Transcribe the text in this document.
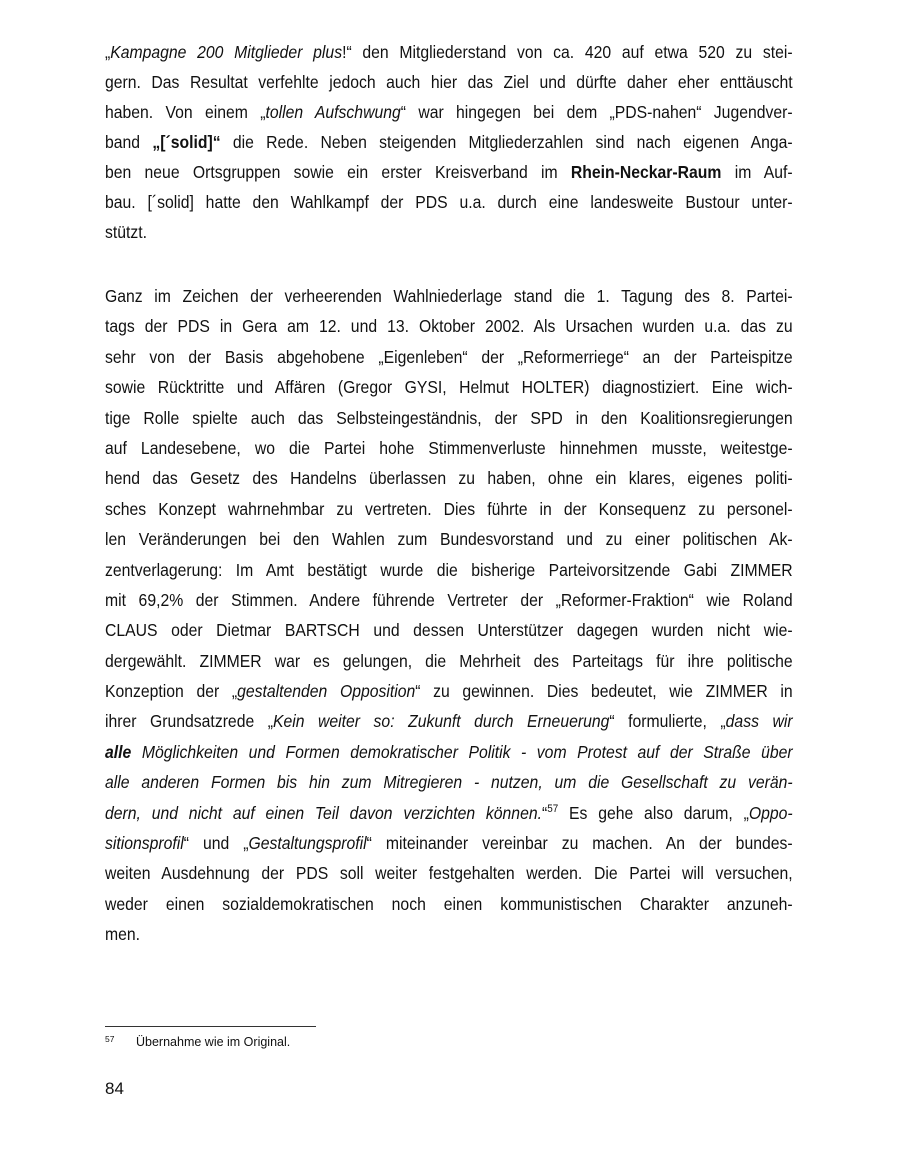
„Kampagne 200 Mitglieder plus!“ den Mitgliederstand von ca. 420 auf etwa 520 zu stei-
gern. Das Resultat verfehlte jedoch auch hier das Ziel und dürfte daher eher enttäuscht
haben. Von einem „tollen Aufschwung“ war hingegen bei dem „PDS-nahen“ Jugendver-
band „[´solid]“ die Rede. Neben steigenden Mitgliederzahlen sind nach eigenen Anga-
ben neue Ortsgruppen sowie ein erster Kreisverband im Rhein-Neckar-Raum im Auf-
bau. [´solid] hatte den Wahlkampf der PDS u.a. durch eine landesweite Bustour unter-
stützt.
Ganz im Zeichen der verheerenden Wahlniederlage stand die 1. Tagung des 8. Partei-
tags der PDS in Gera am 12. und 13. Oktober 2002. Als Ursachen wurden u.a. das zu
sehr von der Basis abgehobene „Eigenleben“ der „Reformerriege“ an der Parteispitze
sowie Rücktritte und Affären (Gregor GYSI, Helmut HOLTER) diagnostiziert. Eine wich-
tige Rolle spielte auch das Selbsteingeständnis, der SPD in den Koalitionsregierungen
auf Landesebene, wo die Partei hohe Stimmenverluste hinnehmen musste, weitestge-
hend das Gesetz des Handelns überlassen zu haben, ohne ein klares, eigenes politi-
sches Konzept wahrnehmbar zu vertreten. Dies führte in der Konsequenz zu personel-
len Veränderungen bei den Wahlen zum Bundesvorstand und zu einer politischen Ak-
zentverlagerung: Im Amt bestätigt wurde die bisherige Parteivorsitzende Gabi ZIMMER
mit 69,2% der Stimmen. Andere führende Vertreter der „Reformer-Fraktion“ wie Roland
CLAUS oder Dietmar BARTSCH und dessen Unterstützer dagegen wurden nicht wie-
dergewählt. ZIMMER war es gelungen, die Mehrheit des Parteitags für ihre politische
Konzeption der „gestaltenden Opposition“ zu gewinnen. Dies bedeutet, wie ZIMMER in
ihrer Grundsatzrede „Kein weiter so: Zukunft durch Erneuerung“ formulierte, „dass wir
alle Möglichkeiten und Formen demokratischer Politik - vom Protest auf der Straße über
alle anderen Formen bis hin zum Mitregieren - nutzen, um die Gesellschaft zu verän-
dern, und nicht auf einen Teil davon verzichten können.“$^{57}$ Es gehe also darum, „Oppo-
sitionsprofil“ und „Gestaltungsprofil“ miteinander vereinbar zu machen. An der bundes-
weiten Ausdehnung der PDS soll weiter festgehalten werden. Die Partei will versuchen,
weder einen sozialdemokratischen noch einen kommunistischen Charakter anzuneh-
men.
57 Übernahme wie im Original.
84
